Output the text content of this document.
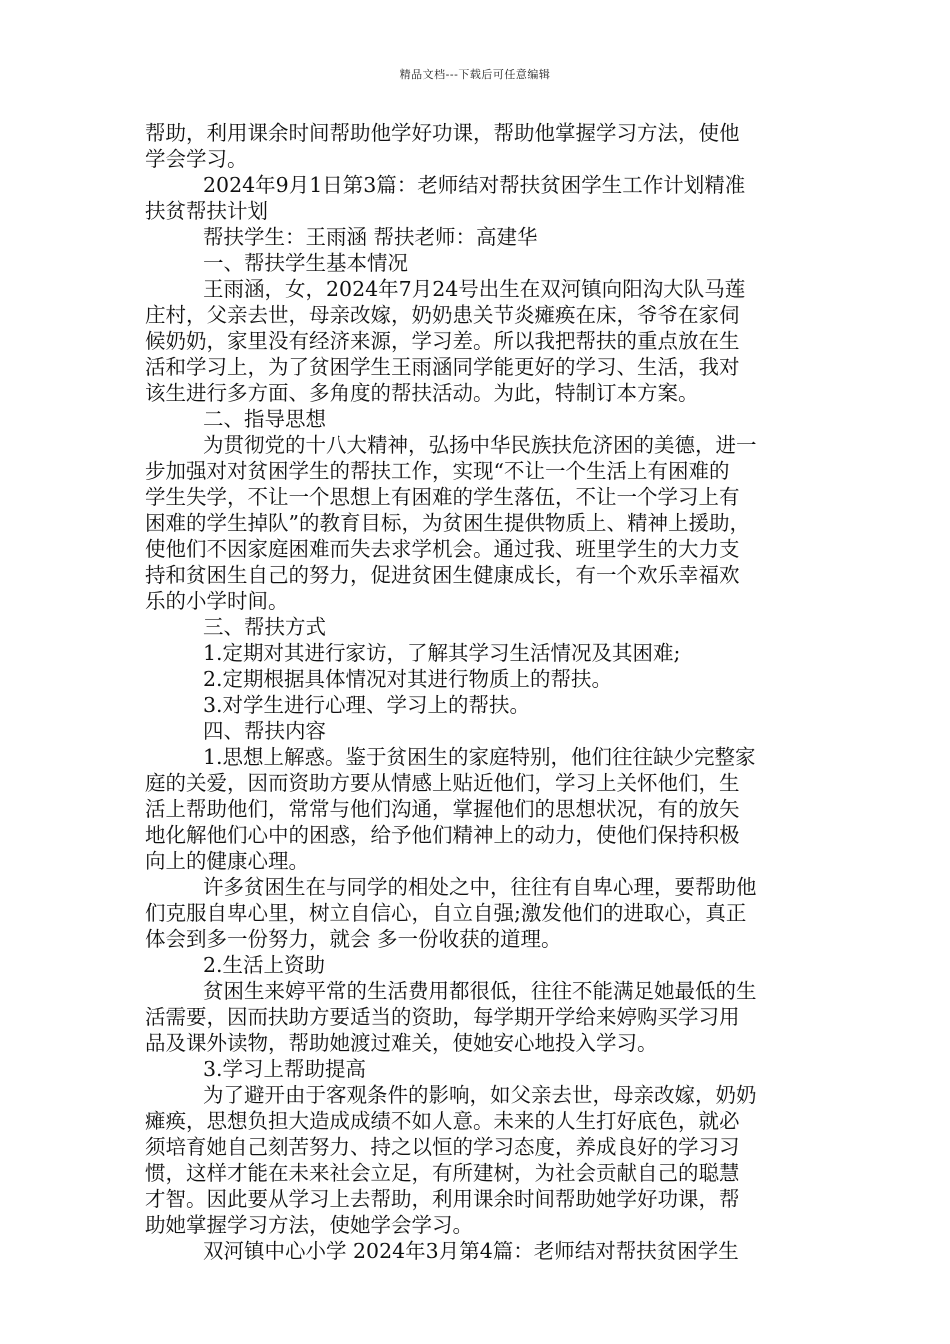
精品文档---下载后可任意编辑
帮助，利用课余时间帮助他学好功课，帮助他掌握学习方法，使他
学会学习。
2024年9月1日第3篇：老师结对帮扶贫困学生工作计划精准
扶贫帮扶计划
帮扶学生：王雨涵 帮扶老师：高建华
一、帮扶学生基本情况
王雨涵，女，2024年7月24号出生在双河镇向阳沟大队马莲
庄村，父亲去世，母亲改嫁，奶奶患关节炎瘫痪在床，爷爷在家伺
候奶奶，家里没有经济来源，学习差。所以我把帮扶的重点放在生
活和学习上，为了贫困学生王雨涵同学能更好的学习、生活，我对
该生进行多方面、多角度的帮扶活动。为此，特制订本方案。
二、指导思想
为贯彻党的十八大精神，弘扬中华民族扶危济困的美德，进一
步加强对对贫困学生的帮扶工作，实现“不让一个生活上有困难的
学生失学，不让一个思想上有困难的学生落伍，不让一个学习上有
困难的学生掉队”的教育目标，为贫困生提供物质上、精神上援助，
使他们不因家庭困难而失去求学机会。通过我、班里学生的大力支
持和贫困生自己的努力，促进贫困生健康成长，有一个欢乐幸福欢
乐的小学时间。
三、帮扶方式
1.定期对其进行家访，了解其学习生活情况及其困难;
2.定期根据具体情况对其进行物质上的帮扶。
3.对学生进行心理、学习上的帮扶。
四、帮扶内容
1.思想上解惑。鉴于贫困生的家庭特别，他们往往缺少完整家
庭的关爱，因而资助方要从情感上贴近他们，学习上关怀他们，生
活上帮助他们，常常与他们沟通，掌握他们的思想状况，有的放矢
地化解他们心中的困惑，给予他们精神上的动力，使他们保持积极
向上的健康心理。
许多贫困生在与同学的相处之中，往往有自卑心理，要帮助他
们克服自卑心里，树立自信心，自立自强;激发他们的进取心，真正
体会到多一份努力，就会 多一份收获的道理。
2.生活上资助
贫困生来婷平常的生活费用都很低，往往不能满足她最低的生
活需要，因而扶助方要适当的资助，每学期开学给来婷购买学习用
品及课外读物，帮助她渡过难关，使她安心地投入学习。
3.学习上帮助提高
为了避开由于客观条件的影响，如父亲去世，母亲改嫁，奶奶
瘫痪，思想负担大造成成绩不如人意。未来的人生打好底色，就必
须培育她自己刻苦努力、持之以恒的学习态度，养成良好的学习习
惯，这样才能在未来社会立足，有所建树，为社会贡献自己的聪慧
才智。因此要从学习上去帮助，利用课余时间帮助她学好功课，帮
助她掌握学习方法，使她学会学习。
双河镇中心小学 2024年3月第4篇：老师结对帮扶贫困学生
